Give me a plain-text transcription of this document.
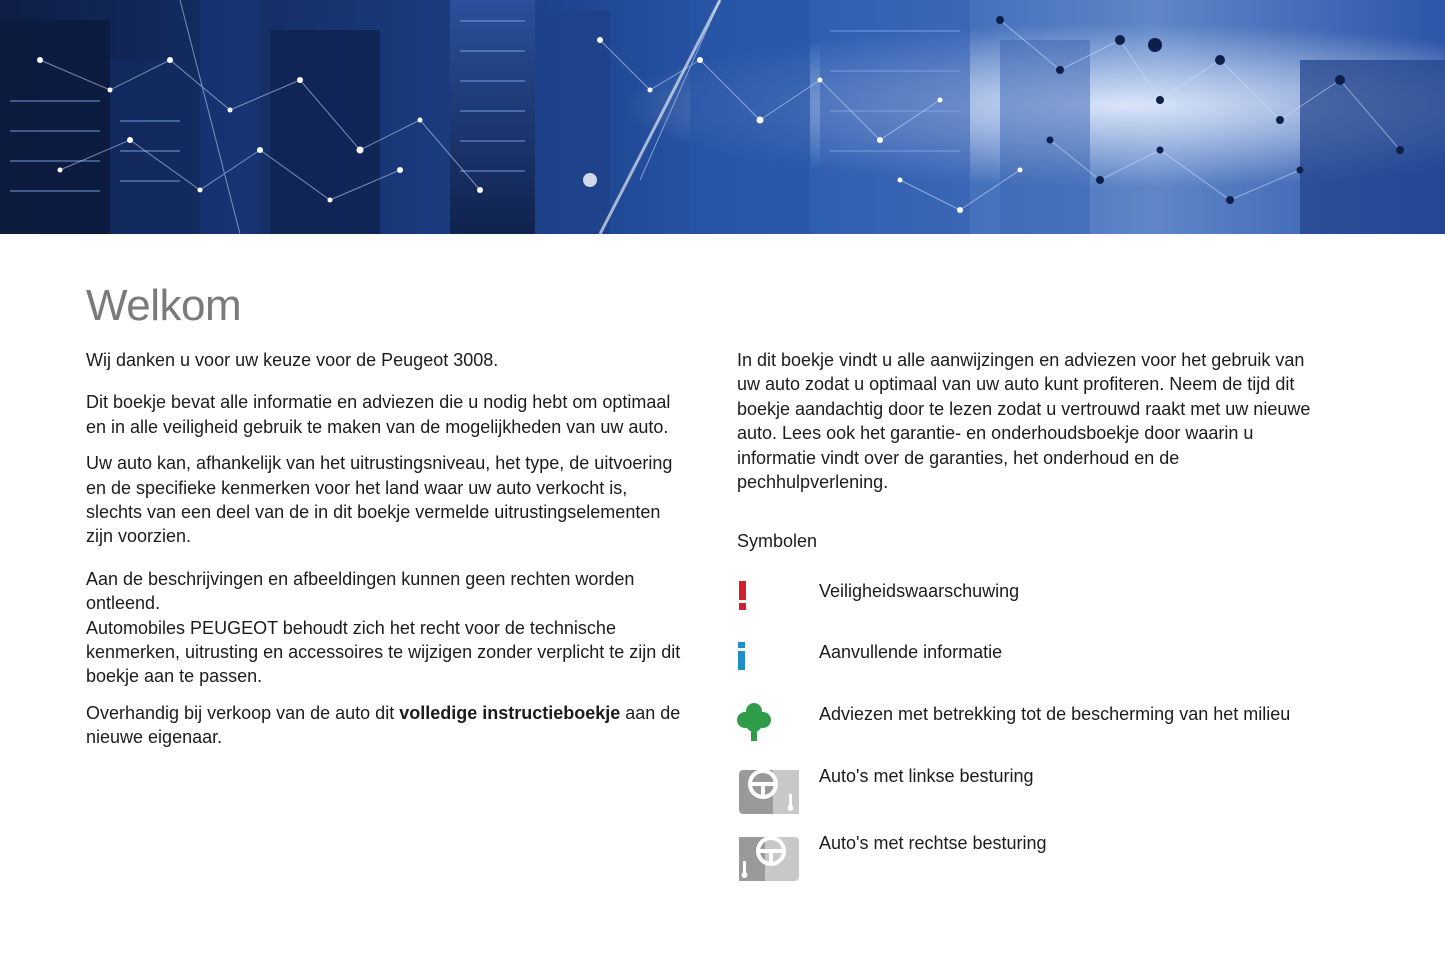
Welkom

Wij danken u voor uw keuze voor de Peugeot 3008.

Dit boekje bevat alle informatie en adviezen die u nodig hebt om optimaal en in alle veiligheid gebruik te maken van de mogelijkheden van uw auto.

Uw auto kan, afhankelijk van het uitrustingsniveau, het type, de uitvoering en de specifieke kenmerken voor het land waar uw auto verkocht is, slechts van een deel van de in dit boekje vermelde uitrustingselementen zijn voorzien.

Aan de beschrijvingen en afbeeldingen kunnen geen rechten worden ontleend.

Automobiles PEUGEOT behoudt zich het recht voor de technische kenmerken, uitrusting en accessoires te wijzigen zonder verplicht te zijn dit boekje aan te passen.

Overhandig bij verkoop van de auto dit volledige instructieboekje aan de nieuwe eigenaar.

In dit boekje vindt u alle aanwijzingen en adviezen voor het gebruik van uw auto zodat u optimaal van uw auto kunt profiteren. Neem de tijd dit boekje aandachtig door te lezen zodat u vertrouwd raakt met uw nieuwe auto. Lees ook het garantie- en onderhoudsboekje door waarin u informatie vindt over de garanties, het onderhoud en de pechhulpverlening.

Symbolen

Veiligheidswaarschuwing
Aanvullende informatie
Adviezen met betrekking tot de bescherming van het milieu
Auto's met linkse besturing
Auto's met rechtse besturing
